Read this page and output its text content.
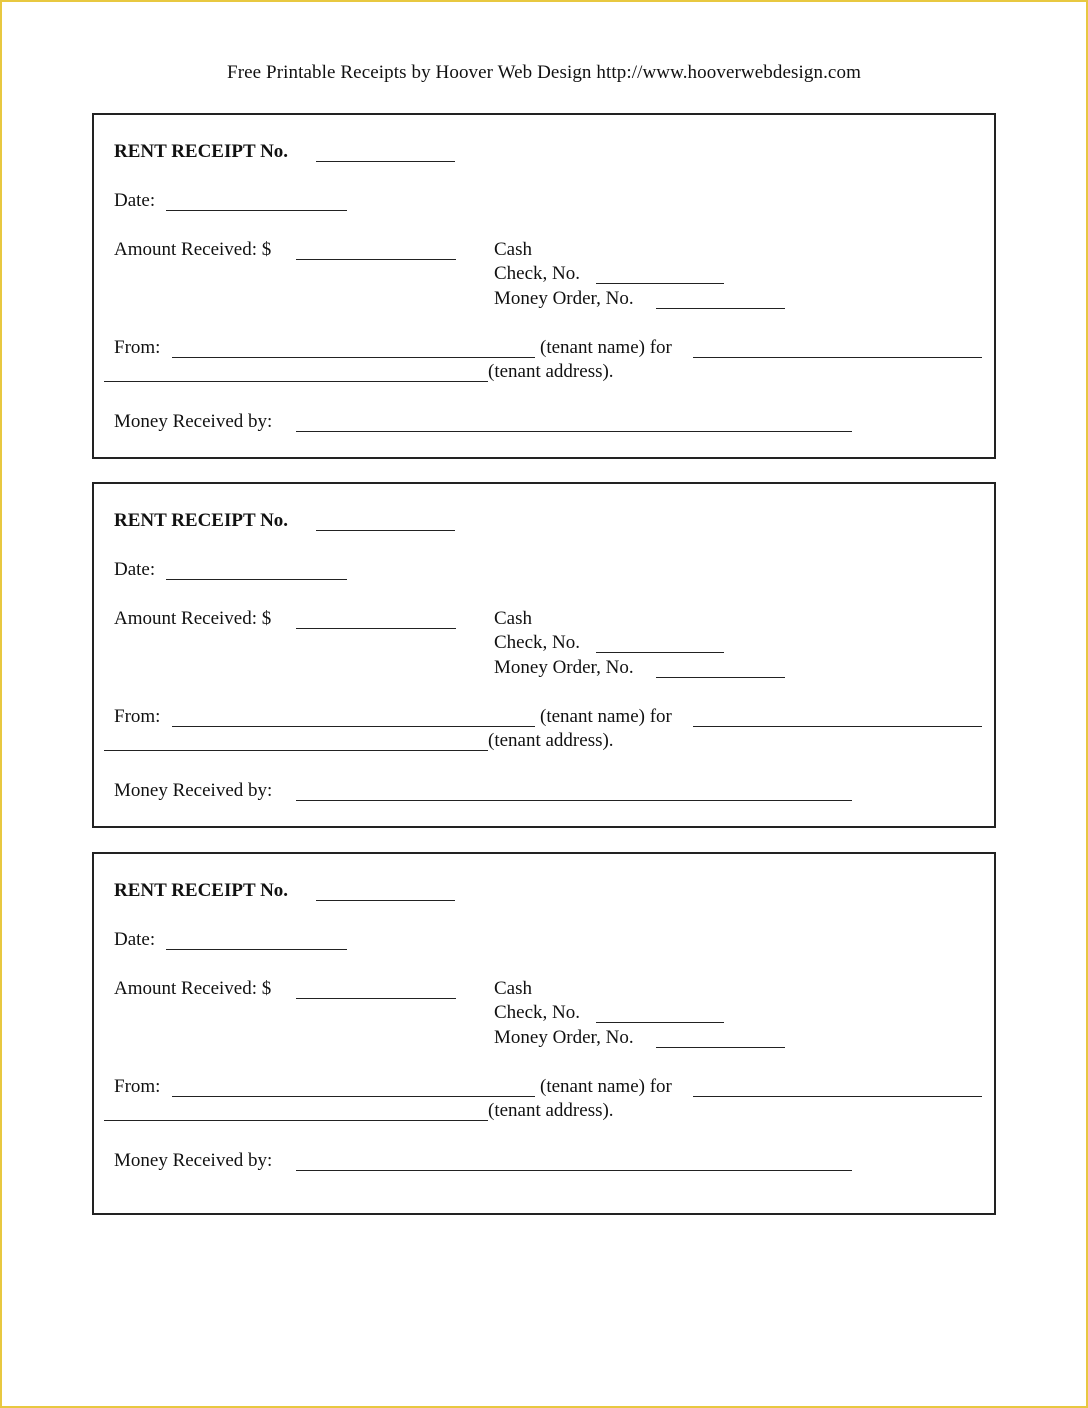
Free Printable Receipts by Hoover Web Design http://www.hooverwebdesign.com
RENT RECEIPT No.
Date:
Amount Received: $	Cash
Check, No.
Money Order, No.
From:	(tenant name) for
(tenant address).
Money Received by:
RENT RECEIPT No.
Date:
Amount Received: $	Cash
Check, No.
Money Order, No.
From:	(tenant name) for
(tenant address).
Money Received by:
RENT RECEIPT No.
Date:
Amount Received: $	Cash
Check, No.
Money Order, No.
From:	(tenant name) for
(tenant address).
Money Received by:
